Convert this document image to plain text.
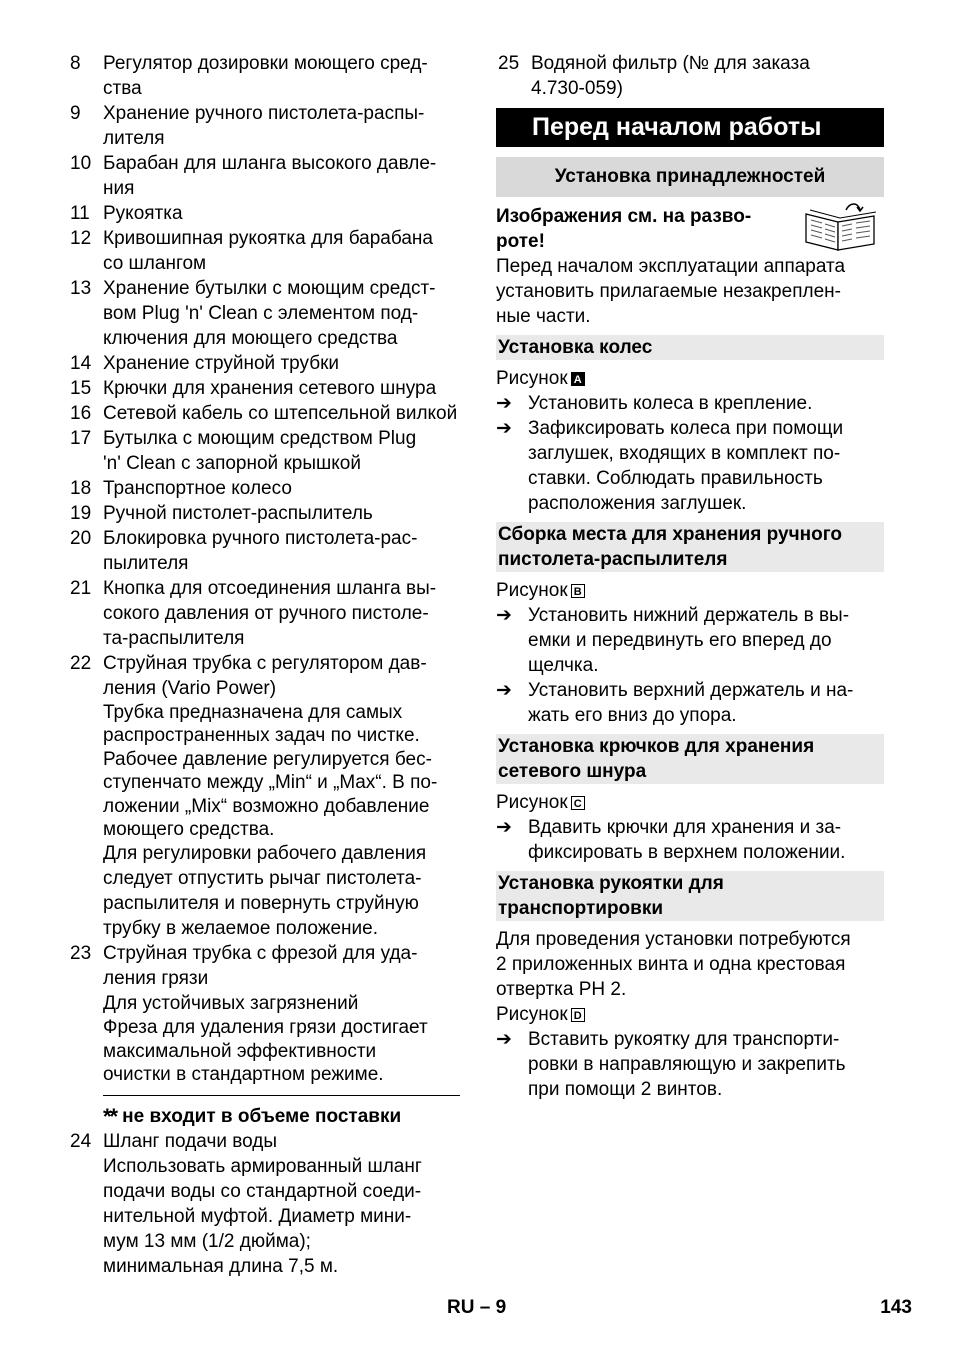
8 Регулятор дозировки моющего сред-
ства
9 Хранение ручного пистолета-распы-
лителя
10 Барабан для шланга высокого давле-
ния
11 Рукоятка
12 Кривошипная рукоятка для барабана
со шлангом
13 Хранение бутылки с моющим средст-
вом Plug 'n' Clean с элементом под-
ключения для моющего средства
14 Хранение струйной трубки
15 Крючки для хранения сетевого шнура
16 Сетевой кабель со штепсельной вилкой
17 Бутылка с моющим средством Plug
'n' Clean с запорной крышкой
18 Транспортное колесо
19 Ручной пистолет-распылитель
20 Блокировка ручного пистолета-рас-
пылителя
21 Кнопка для отсоединения шланга вы-
сокого давления от ручного пистоле-
та-распылителя
22 Струйная трубка с регулятором дав-
ления (Vario Power)
Трубка предназначена для самых
распространенных задач по чистке.
Рабочее давление регулируется бес-
ступенчато между „Min“ и „Max“. В по-
ложении „Mix“ возможно добавление
моющего средства.
Для регулировки рабочего давления
следует отпустить рычаг пистолета-
распылителя и повернуть струйную
трубку в желаемое положение.
23 Струйная трубка с фрезой для уда-
ления грязи
Для устойчивых загрязнений
Фреза для удаления грязи достигает
максимальной эффективности
очистки в стандартном режиме.
** не входит в объеме поставки
24 Шланг подачи воды
Использовать армированный шланг
подачи воды со стандартной соеди-
нительной муфтой. Диаметр мини-
мум 13 мм (1/2 дюйма);
минимальная длина 7,5 м.
25 Водяной фильтр (№ для заказа
4.730-059)
Перед началом работы
Установка принадлежностей
Изображения см. на разво-
роте!
Перед началом эксплуатации аппарата
установить прилагаемые незакреплен-
ные части.
Установка колес
Рисунок A
➔ Установить колеса в крепление.
➔ Зафиксировать колеса при помощи
заглушек, входящих в комплект по-
ставки. Соблюдать правильность
расположения заглушек.
Сборка места для хранения ручного
пистолета-распылителя
Рисунок B
➔ Установить нижний держатель в вы-
емки и передвинуть его вперед до
щелчка.
➔ Установить верхний держатель и на-
жать его вниз до упора.
Установка крючков для хранения
сетевого шнура
Рисунок C
➔ Вдавить крючки для хранения и за-
фиксировать в верхнем положении.
Установка рукоятки для
транспортировки
Для проведения установки потребуются
2 приложенных винта и одна крестовая
отвертка PH 2.
Рисунок D
➔ Вставить рукоятку для транспорти-
ровки в направляющую и закрепить
при помощи 2 винтов.
RU – 9	143
